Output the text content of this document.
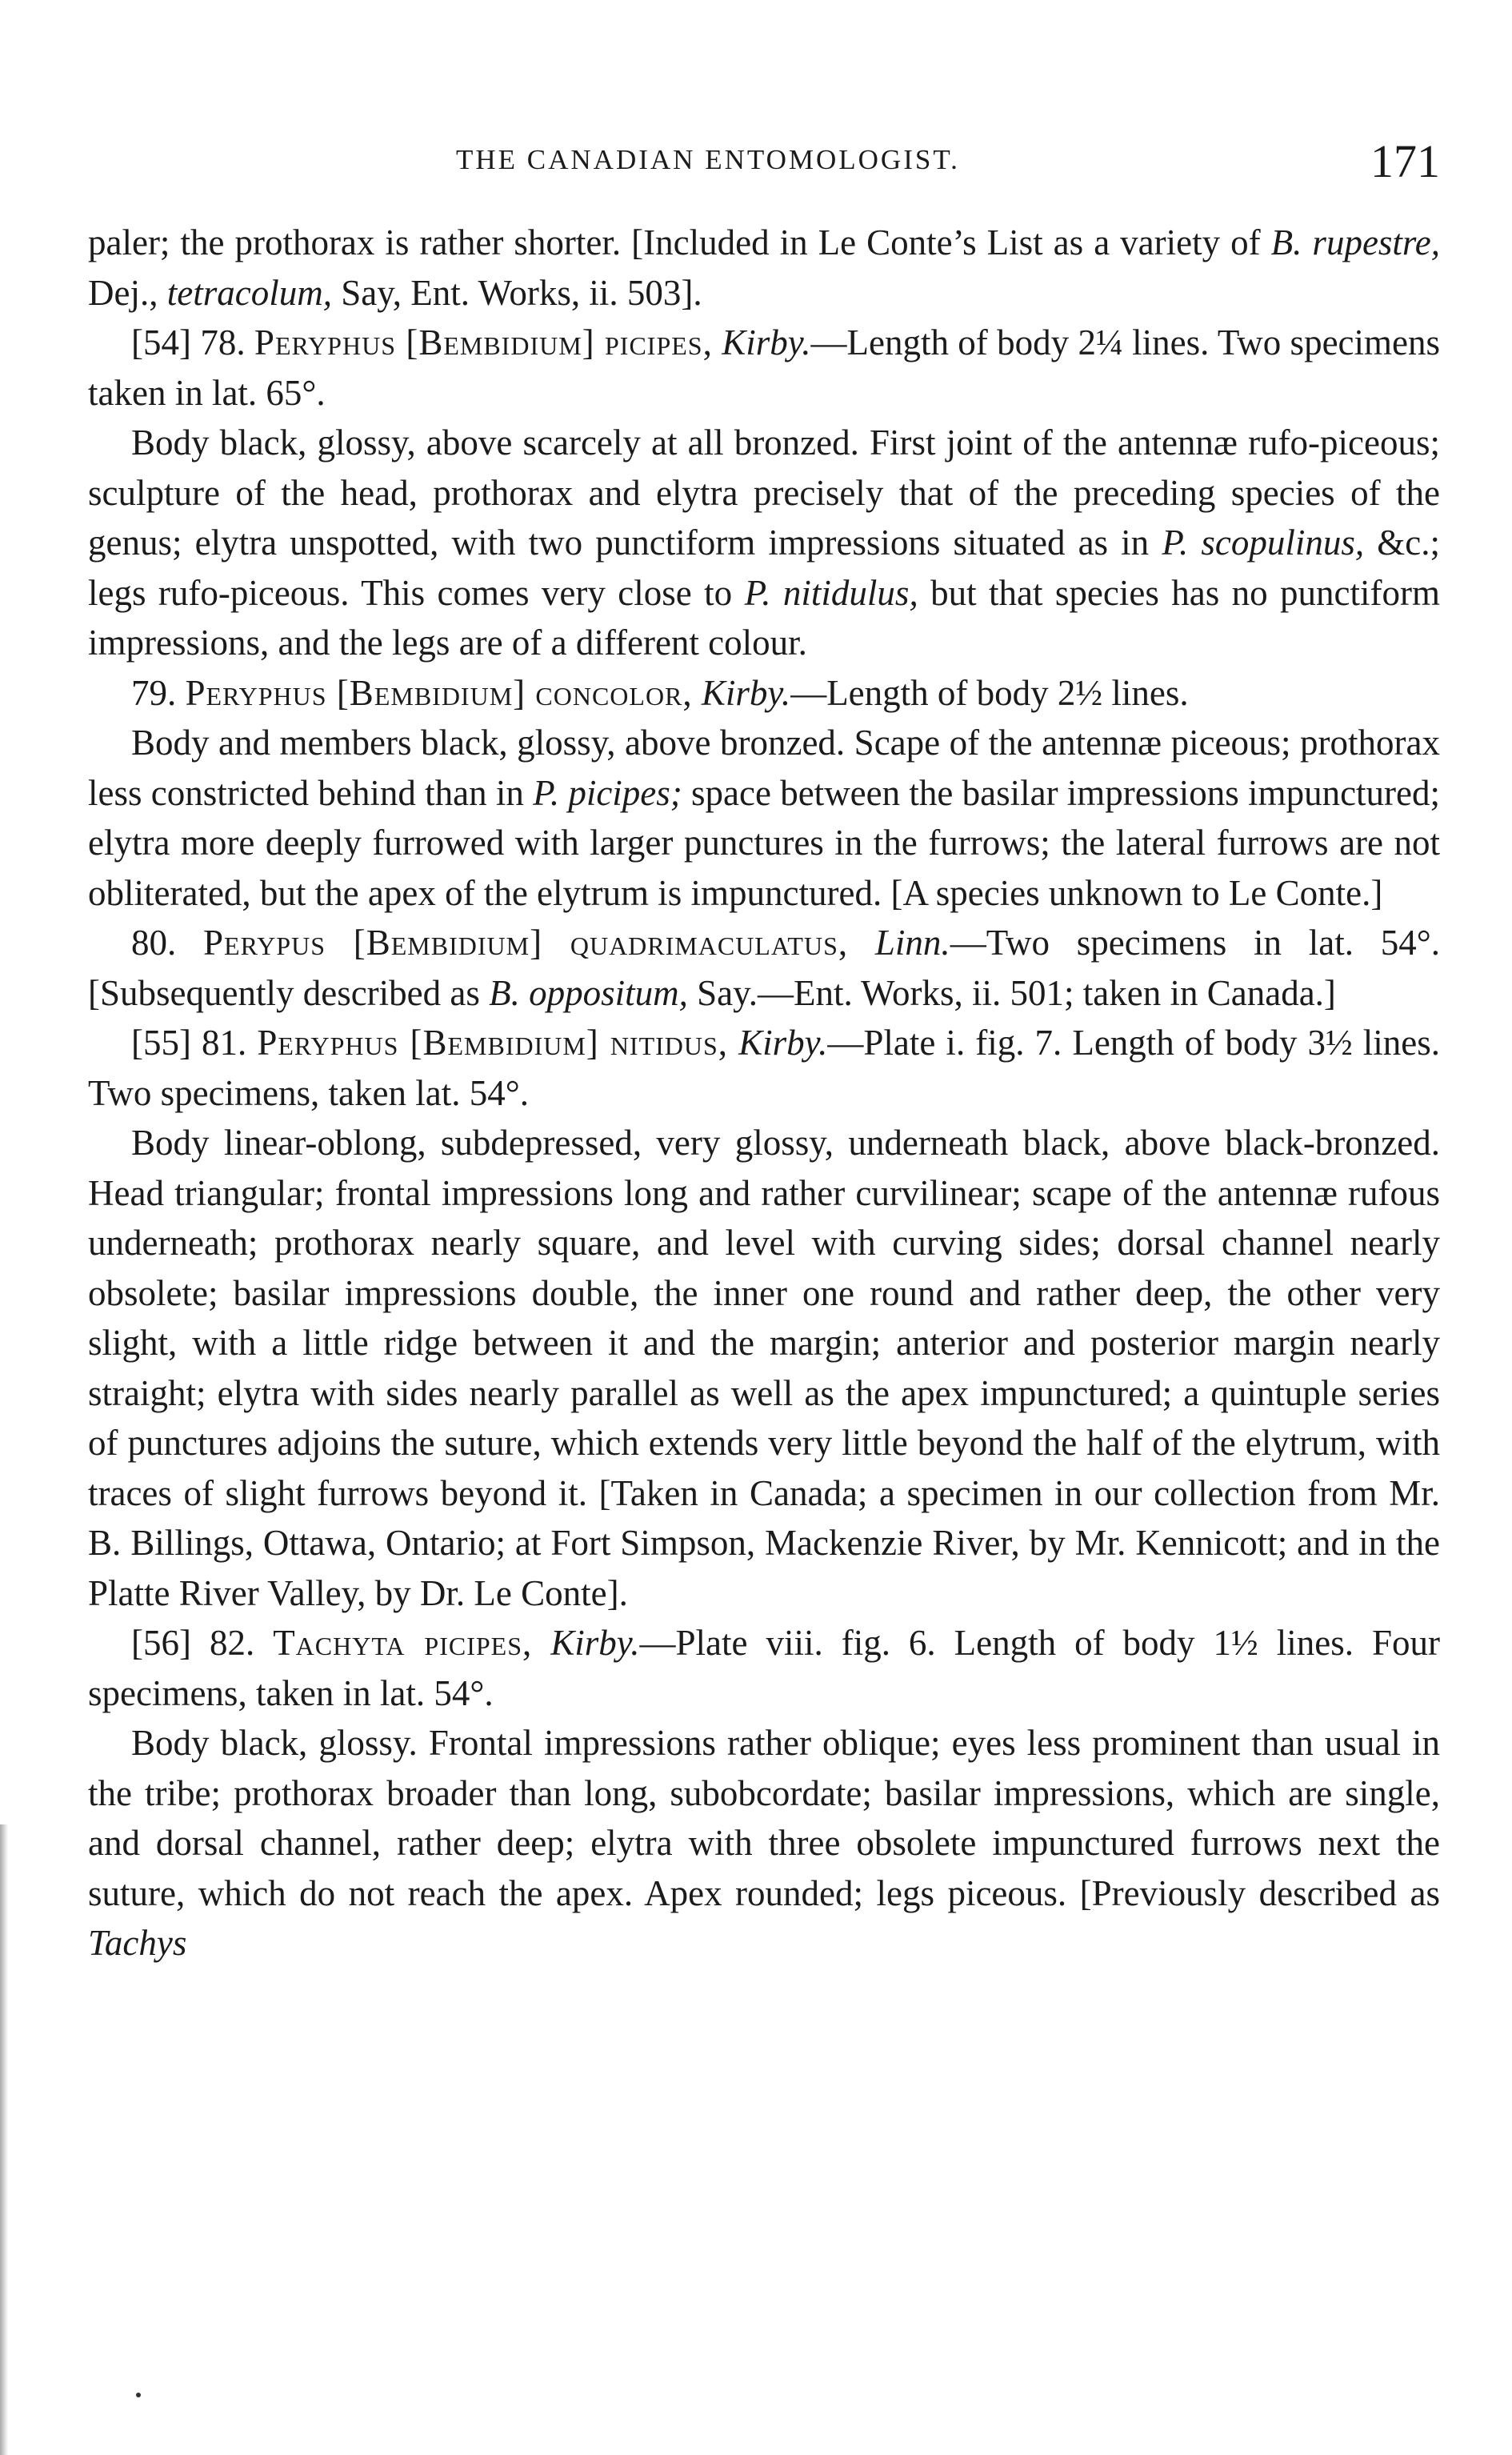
THE CANADIAN ENTOMOLOGIST.	171

paler; the prothorax is rather shorter. [Included in Le Conte’s List as a variety of B. rupestre, Dej., tetracolum, Say, Ent. Works, ii. 503].

[54] 78. Peryphus [Bembidium] picipes, Kirby.—Length of body 2¼ lines. Two specimens taken in lat. 65°.

Body black, glossy, above scarcely at all bronzed. First joint of the antennæ rufo-piceous; sculpture of the head, prothorax and elytra precisely that of the preceding species of the genus; elytra unspotted, with two punctiform impressions situated as in P. scopulinus, &c.; legs rufo-piceous. This comes very close to P. nitidulus, but that species has no punctiform impressions, and the legs are of a different colour.

79. Peryphus [Bembidium] concolor, Kirby.—Length of body 2½ lines.

Body and members black, glossy, above bronzed. Scape of the antennæ piceous; prothorax less constricted behind than in P. picipes; space between the basilar impressions impunctured; elytra more deeply furrowed with larger punctures in the furrows; the lateral furrows are not obliterated, but the apex of the elytrum is impunctured. [A species unknown to Le Conte.]

80. Perypus [Bembidium] quadrimaculatus, Linn.—Two specimens in lat. 54°. [Subsequently described as B. oppositum, Say.—Ent. Works, ii. 501; taken in Canada.]

[55] 81. Peryphus [Bembidium] nitidus, Kirby.—Plate i. fig. 7. Length of body 3½ lines. Two specimens, taken lat. 54°.

Body linear-oblong, subdepressed, very glossy, underneath black, above black-bronzed. Head triangular; frontal impressions long and rather curvilinear; scape of the antennæ rufous underneath; prothorax nearly square, and level with curving sides; dorsal channel nearly obsolete; basilar impressions double, the inner one round and rather deep, the other very slight, with a little ridge between it and the margin; anterior and posterior margin nearly straight; elytra with sides nearly parallel as well as the apex impunctured; a quintuple series of punctures adjoins the suture, which extends very little beyond the half of the elytrum, with traces of slight furrows beyond it. [Taken in Canada; a specimen in our collection from Mr. B. Billings, Ottawa, Ontario; at Fort Simpson, Mackenzie River, by Mr. Kennicott; and in the Platte River Valley, by Dr. Le Conte].

[56] 82. Tachyta picipes, Kirby.—Plate viii. fig. 6. Length of body 1½ lines. Four specimens, taken in lat. 54°.

Body black, glossy. Frontal impressions rather oblique; eyes less prominent than usual in the tribe; prothorax broader than long, subobcordate; basilar impressions, which are single, and dorsal channel, rather deep; elytra with three obsolete impunctured furrows next the suture, which do not reach the apex. Apex rounded; legs piceous. [Previously described as Tachys
